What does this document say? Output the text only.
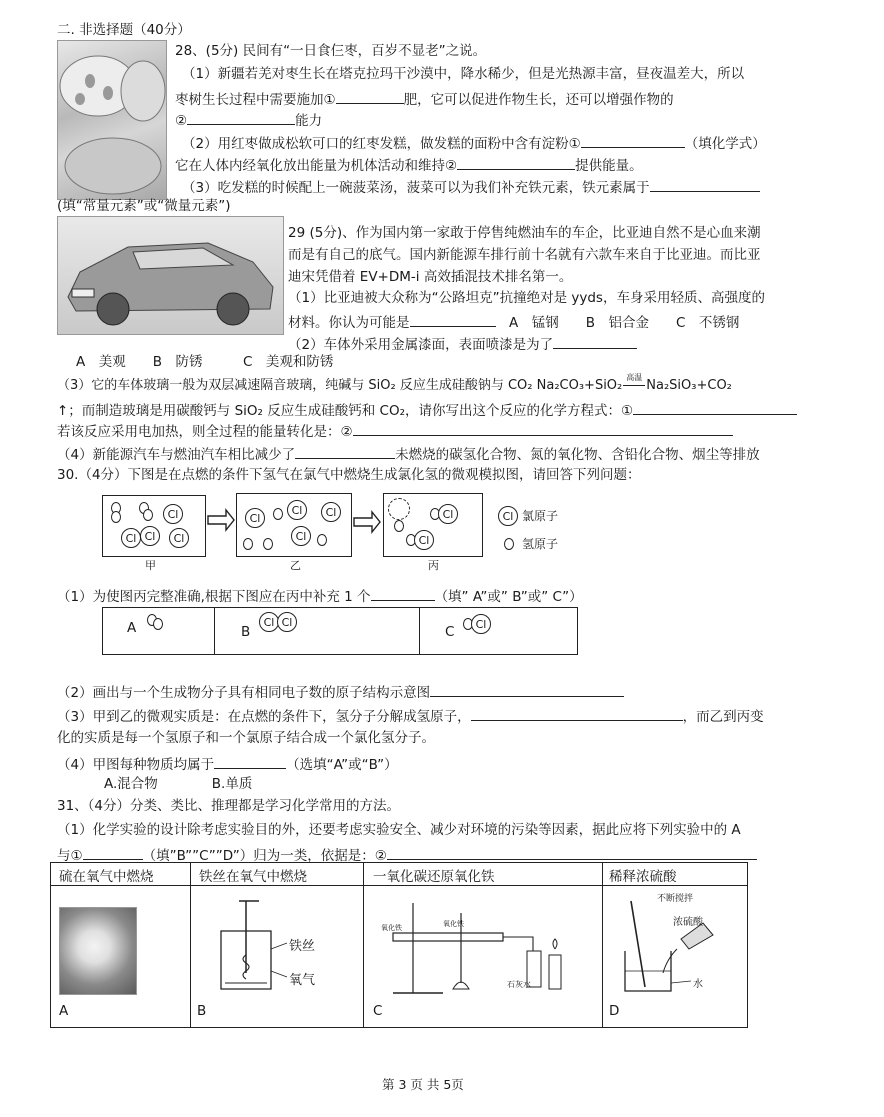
二. 非选择题（40分）
28、(5分) 民间有“一日食仨枣，百岁不显老”之说。
（1）新疆若羌对枣生长在塔克拉玛干沙漠中，降水稀少，但是光热源丰富，昼夜温差大，所以
枣树生长过程中需要施加①	肥，它可以促进作物生长，还可以增强作物的
②	能力
（2）用红枣做成松软可口的红枣发糕，做发糕的面粉中含有淀粉①	（填化学式）
它在人体内经氧化放出能量为机体活动和维持②	提供能量。
（3）吃发糕的时候配上一碗菠菜汤，菠菜可以为我们补充铁元素，铁元素属于
(填“常量元素”或“微量元素”)
29 (5分)、作为国内第一家敢于停售纯燃油车的车企，比亚迪自然不是心血来潮
而是有自己的底气。国内新能源车排行前十名就有六款车来自于比亚迪。而比亚
迪宋凭借着 EV+DM-i 高效插混技术排名第一。
（1）比亚迪被大众称为“公路坦克”抗撞绝对是 yyds，车身采用轻质、高强度的
材料。你认为可能是　	A　锰钢　　B　铝合金　　C　不锈钢
（2）车体外采用金属漆面，表面喷漆是为了
A　美观　　B　防锈　　　C　美观和防锈
（3）它的车体玻璃一般为双层减速隔音玻璃，纯碱与 SiO₂ 反应生成硅酸钠与 CO₂ Na₂CO₃+SiO₂
高温
Na₂SiO₃+CO₂
↑；而制造玻璃是用碳酸钙与 SiO₂ 反应生成硅酸钙和 CO₂，请你写出这个反应的化学方程式：①
若该反应采用电加热，则全过程的能量转化是：②
（4）新能源汽车与燃油汽车相比减少了	未燃烧的碳氢化合物、氮的氧化物、含铅化合物、烟尘等排放
30.（4分）下图是在点燃的条件下氢气在氯气中燃烧生成氯化氢的微观模拟图，请回答下列问题：
Cl
Cl Cl Cl
Cl
Cl Cl
Cl
Cl
Cl
Cl 氯原子
氢原子
甲	乙	丙
（1）为使图丙完整准确,根据下图应在丙中补充 1 个	（填” A”或” B”或” C”）
A	B
Cl Cl
C Cl
（2）画出与一个生成物分子具有相同电子数的原子结构示意图
（3）甲到乙的微观实质是：在点燃的条件下，氢分子分解成氢原子，	，而乙到丙变
化的实质是每一个氢原子和一个氯原子结合成一个氯化氢分子。
（4）甲图每种物质均属于	（选填“A”或“B”）
A.混合物　　　　B.单质
31、（4分）分类、类比、推理都是学习化学常用的方法。
（1）化学实验的设计除考虑实验目的外，还要考虑实验安全、减少对环境的污染等因素，据此应将下列实验中的 A
与①	（填”B””C””D”）归为一类，依据是：②
硫在氧气中燃烧	铁丝在氧气中燃烧	一氧化碳还原氧化铁	稀释浓硫酸
A
铁丝
氧气
B
氧化铁	氧化铁
石灰水
C
不断搅拌
浓硫酸
水
D
第 3 页 共 5页
